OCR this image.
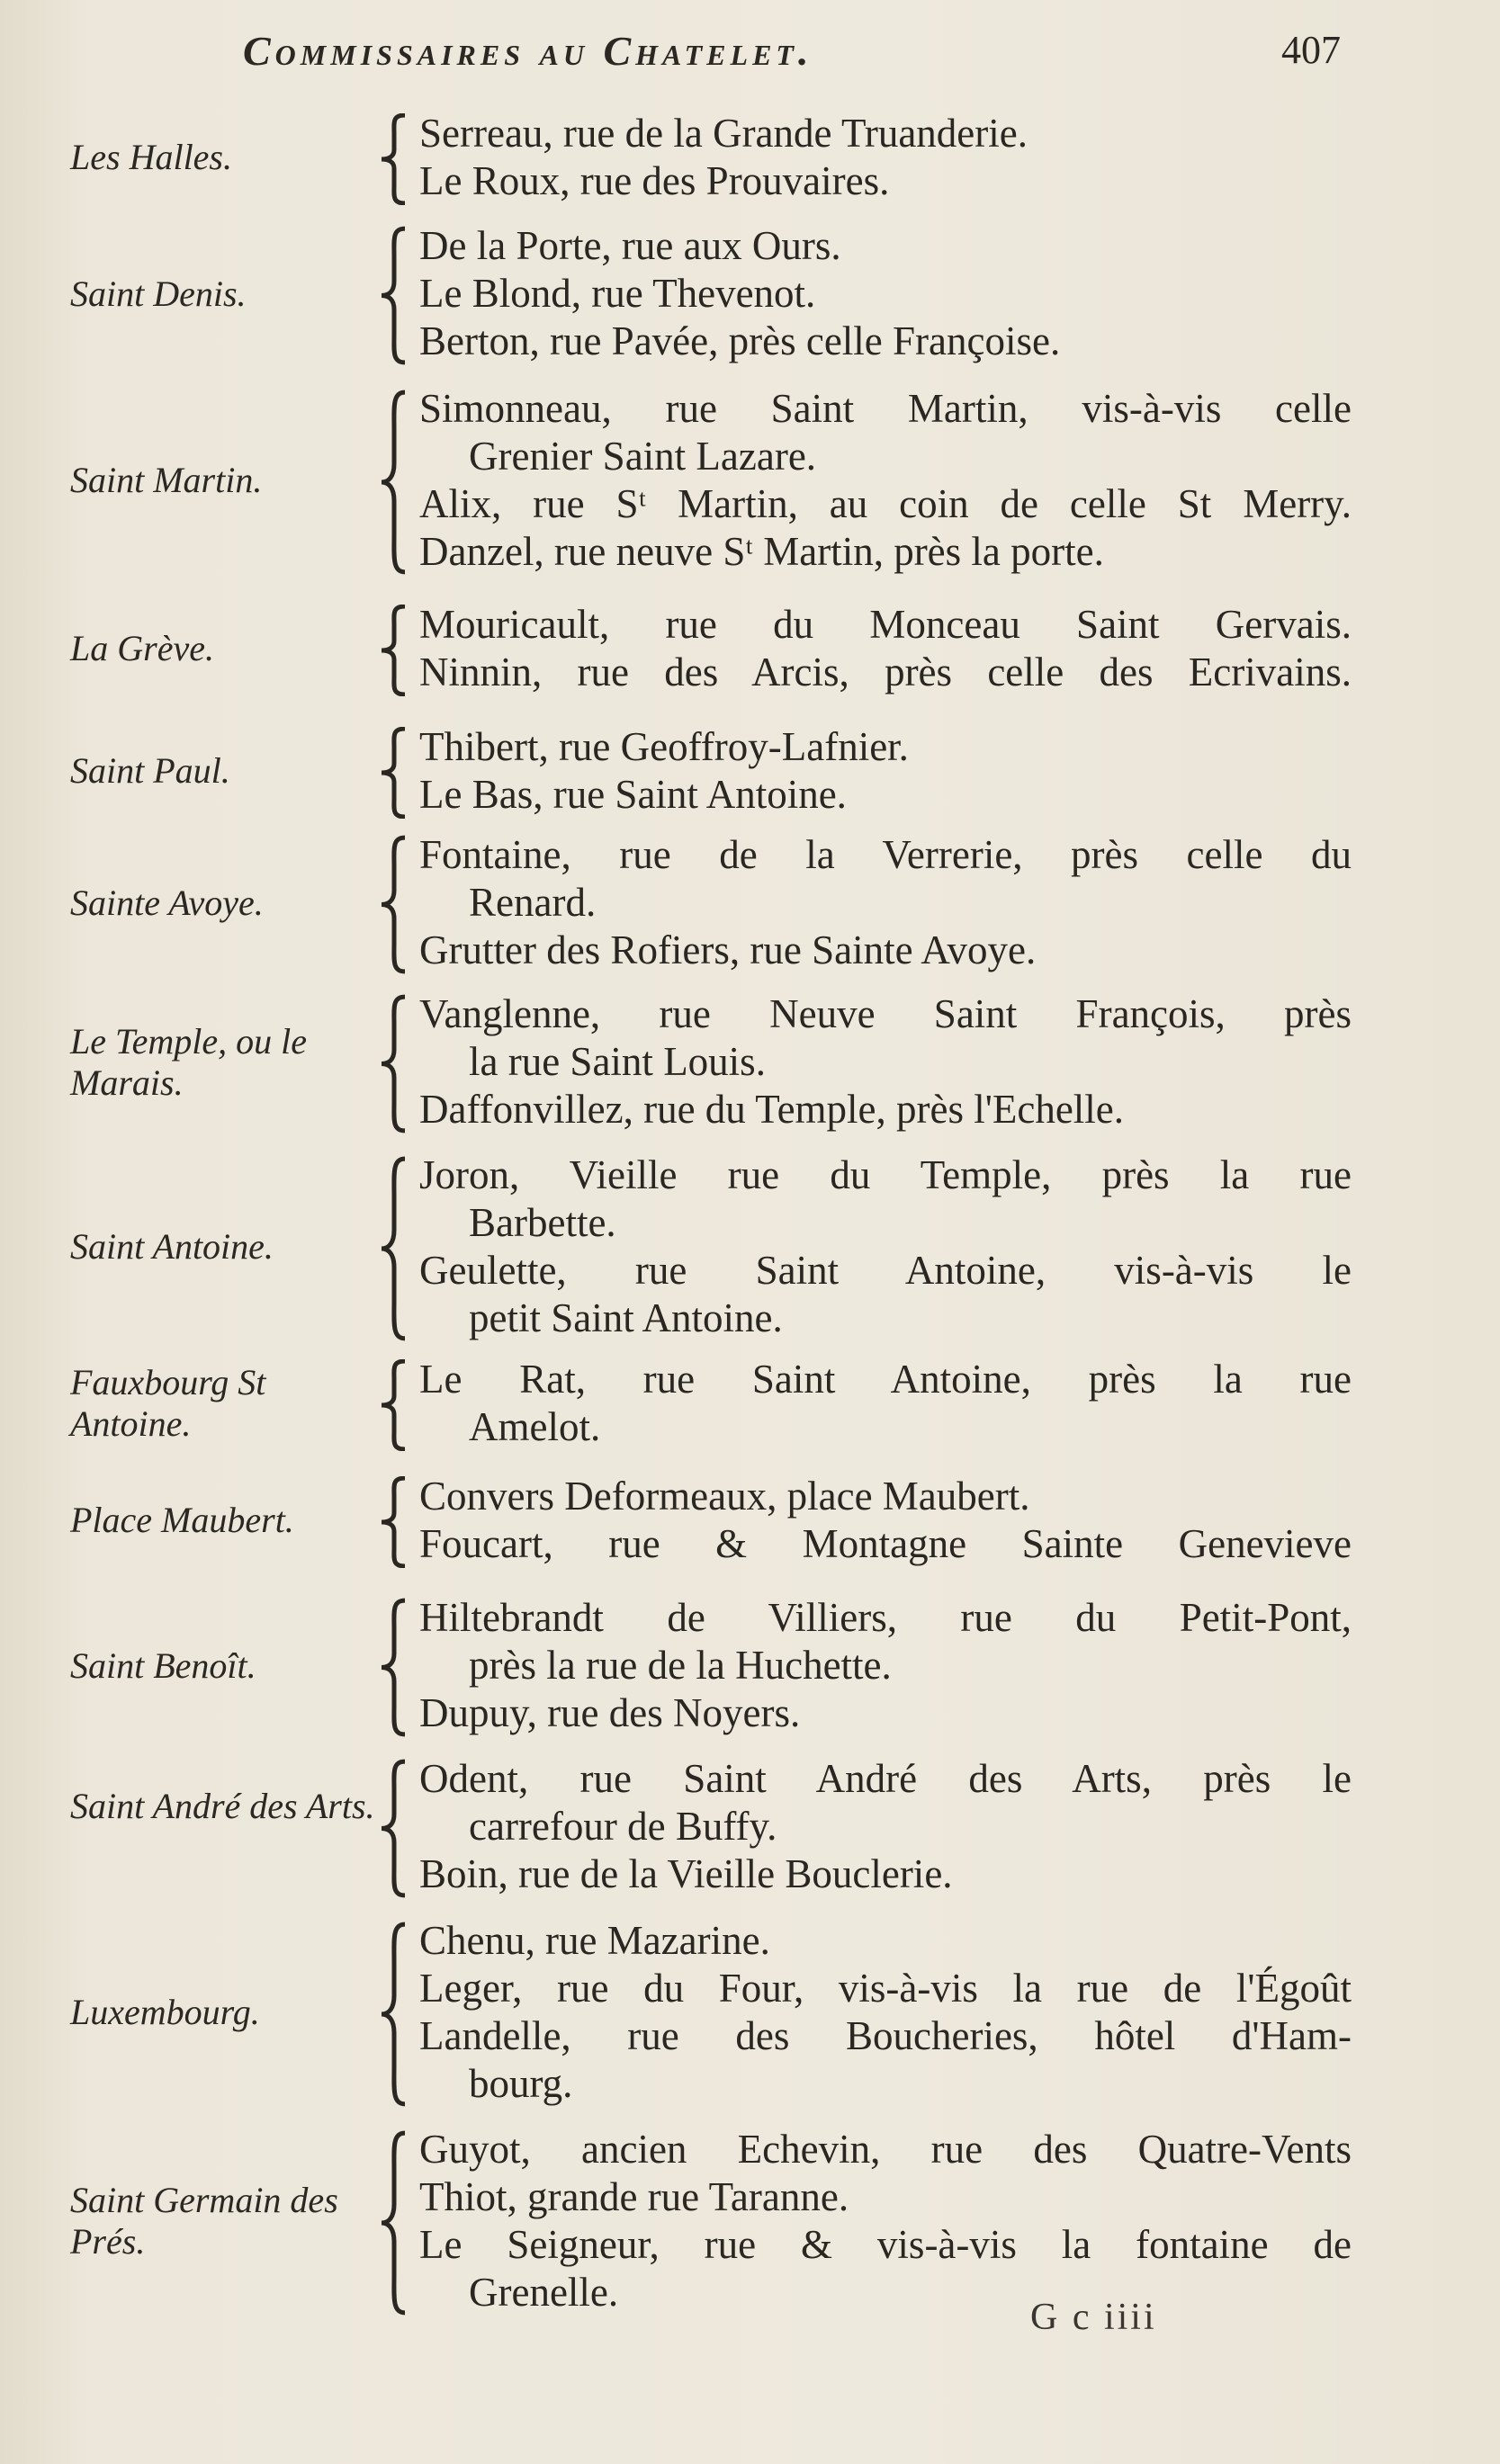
Commissaires au Chatelet.	407
Les Halles.
Serreau, rue de la Grande Truanderie.
Le Roux, rue des Prouvaires.
Saint Denis.
De la Porte, rue aux Ours.
Le Blond, rue Thevenot.
Berton, rue Pavée, près celle Françoise.
Saint Martin.
Simonneau, rue Saint Martin, vis-à-vis celle
Grenier Saint Lazare.
Alix, rue Sᵗ Martin, au coin de celle St Merry.
Danzel, rue neuve Sᵗ Martin, près la porte.
La Grève.
Mouricault, rue du Monceau Saint Gervais.
Ninnin, rue des Arcis, près celle des Ecrivains.
Saint Paul.
Thibert, rue Geoffroy-Lafnier.
Le Bas, rue Saint Antoine.
Sainte Avoye.
Fontaine, rue de la Verrerie, près celle du
Renard.
Grutter des Rofiers, rue Sainte Avoye.
Le Temple, ou le Marais.
Vanglenne, rue Neuve Saint François, près
la rue Saint Louis.
Daffonvillez, rue du Temple, près l'Echelle.
Saint Antoine.
Joron, Vieille rue du Temple, près la rue
Barbette.
Geulette, rue Saint Antoine, vis-à-vis le
petit Saint Antoine.
Fauxbourg St Antoine.
Le Rat, rue Saint Antoine, près la rue
Amelot.
Place Maubert.
Convers Deformeaux, place Maubert.
Foucart, rue & Montagne Sainte Genevieve
Saint Benoît.
Hiltebrandt de Villiers, rue du Petit-Pont,
près la rue de la Huchette.
Dupuy, rue des Noyers.
Saint André des Arts.
Odent, rue Saint André des Arts, près le
carrefour de Buffy.
Boin, rue de la Vieille Bouclerie.
Luxembourg.
Chenu, rue Mazarine.
Leger, rue du Four, vis-à-vis la rue de l'Égoût
Landelle, rue des Boucheries, hôtel d'Ham-
bourg.
Saint Germain des Prés.
Guyot, ancien Echevin, rue des Quatre-Vents
Thiot, grande rue Taranne.
Le Seigneur, rue & vis-à-vis la fontaine de
Grenelle.
G c iiii
